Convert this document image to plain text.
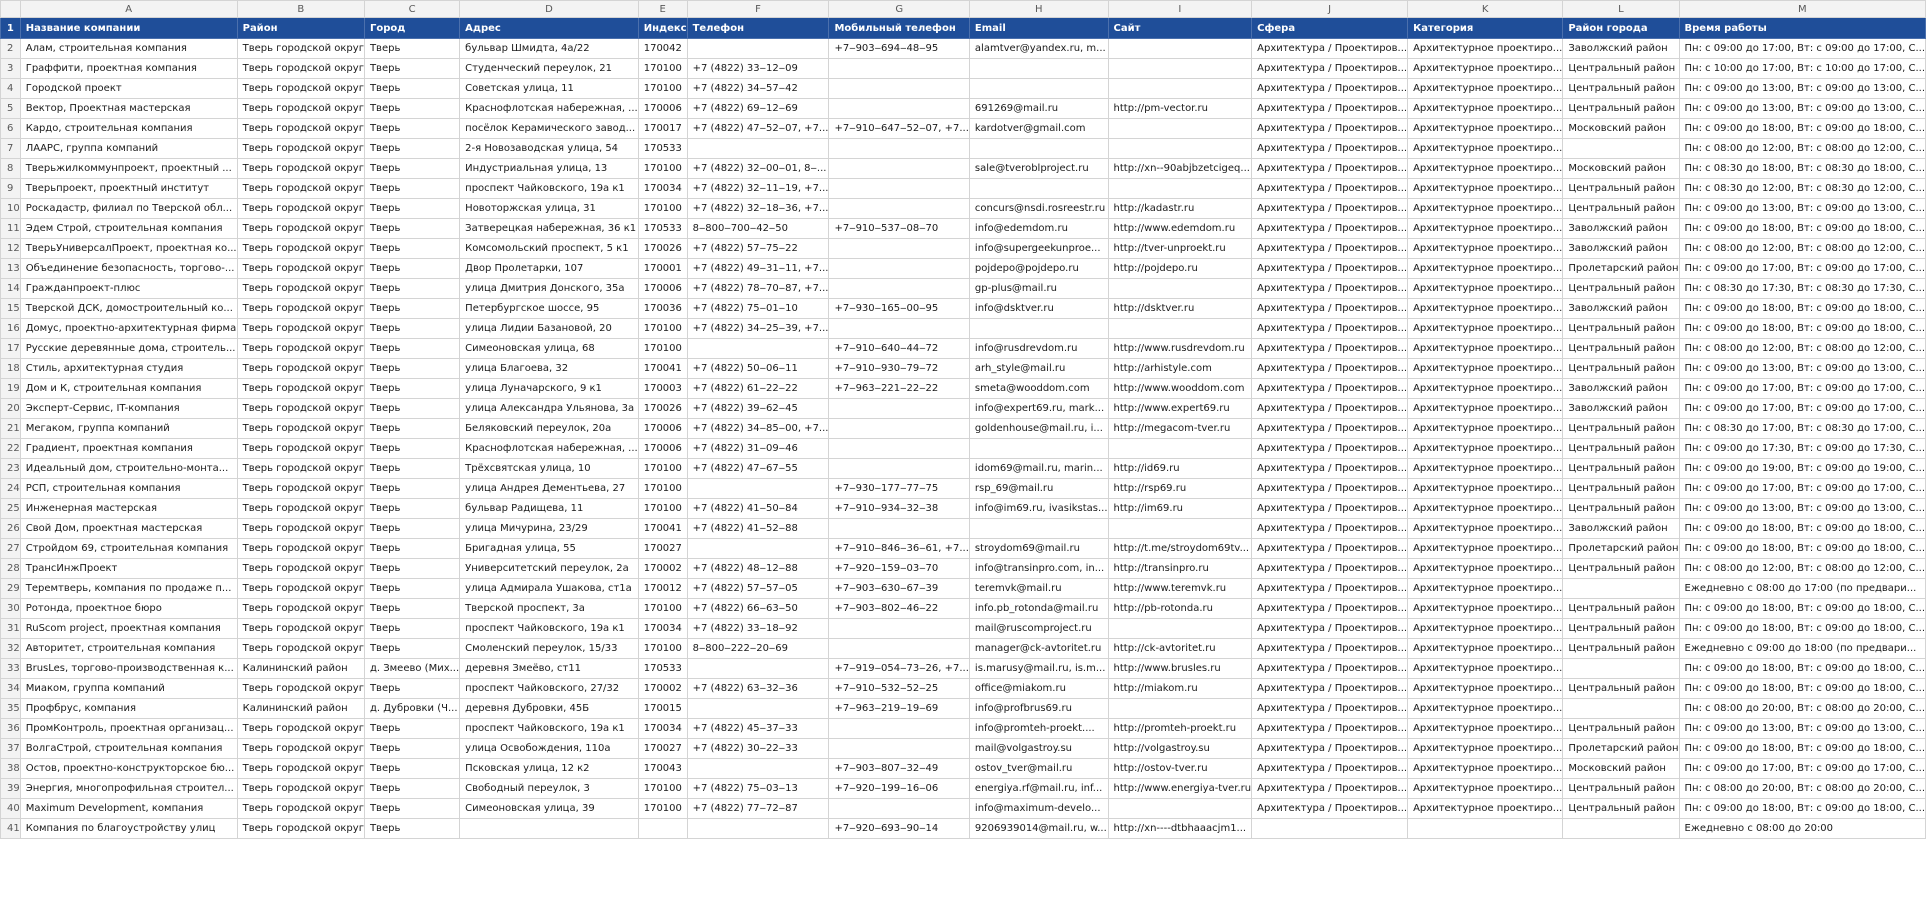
	A	B	C	D	E	F	G	H	I	J	K	L	M
1	Название компании	Район	Город	Адрес	Индекс	Телефон	Мобильный телефон	Email	Сайт	Сфера	Категория	Район города	Время работы
2	Алам, строительная компания	Тверь городской округ	Тверь	бульвар Шмидта, 4а/22	170042		+7‒903‒694‒48‒95	alamtver@yandex.ru, m...		Архитектура / Проектиров...	Архитектурное проектиро...	Заволжский район	Пн: с 09:00 до 17:00, Вт: с 09:00 до 17:00, С...
3	Граффити, проектная компания	Тверь городской округ	Тверь	Студенческий переулок, 21	170100	+7 (4822) 33‒12‒09				Архитектура / Проектиров...	Архитектурное проектиро...	Центральный район	Пн: с 10:00 до 17:00, Вт: с 10:00 до 17:00, С...
4	Городской проект	Тверь городской округ	Тверь	Советская улица, 11	170100	+7 (4822) 34‒57‒42				Архитектура / Проектиров...	Архитектурное проектиро...	Центральный район	Пн: с 09:00 до 13:00, Вт: с 09:00 до 13:00, С...
5	Вектор, Проектная мастерская	Тверь городской округ	Тверь	Краснофлотская набережная, ...	170006	+7 (4822) 69‒12‒69		691269@mail.ru	http://pm-vector.ru	Архитектура / Проектиров...	Архитектурное проектиро...	Центральный район	Пн: с 09:00 до 13:00, Вт: с 09:00 до 13:00, С...
6	Кардо, строительная компания	Тверь городской округ	Тверь	посёлок Керамического завод...	170017	+7 (4822) 47‒52‒07, +7...	+7‒910‒647‒52‒07, +7...	kardotver@gmail.com		Архитектура / Проектиров...	Архитектурное проектиро...	Московский район	Пн: с 09:00 до 18:00, Вт: с 09:00 до 18:00, С...
7	ЛААРС, группа компаний	Тверь городской округ	Тверь	2-я Новозаводская улица, 54	170533					Архитектура / Проектиров...	Архитектурное проектиро...		Пн: с 08:00 до 12:00, Вт: с 08:00 до 12:00, С...
8	Тверьжилкоммунпроект, проектный ...	Тверь городской округ	Тверь	Индустриальная улица, 13	170100	+7 (4822) 32‒00‒01, 8‒...		sale@tveroblproject.ru	http://xn--90abjbzetcigeq...	Архитектура / Проектиров...	Архитектурное проектиро...	Московский район	Пн: с 08:30 до 18:00, Вт: с 08:30 до 18:00, С...
9	Тверьпроект, проектный институт	Тверь городской округ	Тверь	проспект Чайковского, 19а к1	170034	+7 (4822) 32‒11‒19, +7...				Архитектура / Проектиров...	Архитектурное проектиро...	Центральный район	Пн: с 08:30 до 12:00, Вт: с 08:30 до 12:00, С...
10	Роскадастр, филиал по Тверской обл...	Тверь городской округ	Тверь	Новоторжская улица, 31	170100	+7 (4822) 32‒18‒36, +7...		concurs@nsdi.rosreestr.ru	http://kadastr.ru	Архитектура / Проектиров...	Архитектурное проектиро...	Центральный район	Пн: с 09:00 до 13:00, Вт: с 09:00 до 13:00, С...
11	Эдем Строй, строительная компания	Тверь городской округ	Тверь	Затверецкая набережная, 36 к1	170533	8‒800‒700‒42‒50	+7‒910‒537‒08‒70	info@edemdom.ru	http://www.edemdom.ru	Архитектура / Проектиров...	Архитектурное проектиро...	Заволжский район	Пн: с 09:00 до 18:00, Вт: с 09:00 до 18:00, С...
12	ТверьУниверсалПроект, проектная ко...	Тверь городской округ	Тверь	Комсомольский проспект, 5 к1	170026	+7 (4822) 57‒75‒22		info@supergeekunproe...	http://tver-unproekt.ru	Архитектура / Проектиров...	Архитектурное проектиро...	Заволжский район	Пн: с 08:00 до 12:00, Вт: с 08:00 до 12:00, С...
13	Объединение безопасность, торгово-...	Тверь городской округ	Тверь	Двор Пролетарки, 107	170001	+7 (4822) 49‒31‒11, +7...		pojdepo@pojdepo.ru	http://pojdepo.ru	Архитектура / Проектиров...	Архитектурное проектиро...	Пролетарский район	Пн: с 09:00 до 17:00, Вт: с 09:00 до 17:00, С...
14	Гражданпроект-плюс	Тверь городской округ	Тверь	улица Дмитрия Донского, 35а	170006	+7 (4822) 78‒70‒87, +7...		gp-plus@mail.ru		Архитектура / Проектиров...	Архитектурное проектиро...	Центральный район	Пн: с 08:30 до 17:30, Вт: с 08:30 до 17:30, С...
15	Тверской ДСК, домостроительный ко...	Тверь городской округ	Тверь	Петербургское шоссе, 95	170036	+7 (4822) 75‒01‒10	+7‒930‒165‒00‒95	info@dsktver.ru	http://dsktver.ru	Архитектура / Проектиров...	Архитектурное проектиро...	Заволжский район	Пн: с 09:00 до 18:00, Вт: с 09:00 до 18:00, С...
16	Домус, проектно-архитектурная фирма	Тверь городской округ	Тверь	улица Лидии Базановой, 20	170100	+7 (4822) 34‒25‒39, +7...				Архитектура / Проектиров...	Архитектурное проектиро...	Центральный район	Пн: с 09:00 до 18:00, Вт: с 09:00 до 18:00, С...
17	Русские деревянные дома, строитель...	Тверь городской округ	Тверь	Симеоновская улица, 68	170100		+7‒910‒640‒44‒72	info@rusdrevdom.ru	http://www.rusdrevdom.ru	Архитектура / Проектиров...	Архитектурное проектиро...	Центральный район	Пн: с 08:00 до 12:00, Вт: с 08:00 до 12:00, С...
18	Стиль, архитектурная студия	Тверь городской округ	Тверь	улица Благоева, 32	170041	+7 (4822) 50‒06‒11	+7‒910‒930‒79‒72	arh_style@mail.ru	http://arhistyle.com	Архитектура / Проектиров...	Архитектурное проектиро...	Центральный район	Пн: с 09:00 до 13:00, Вт: с 09:00 до 13:00, С...
19	Дом и К, строительная компания	Тверь городской округ	Тверь	улица Луначарского, 9 к1	170003	+7 (4822) 61‒22‒22	+7‒963‒221‒22‒22	smeta@wooddom.com	http://www.wooddom.com	Архитектура / Проектиров...	Архитектурное проектиро...	Заволжский район	Пн: с 09:00 до 17:00, Вт: с 09:00 до 17:00, С...
20	Эксперт-Сервис, IT-компания	Тверь городской округ	Тверь	улица Александра Ульянова, 3а	170026	+7 (4822) 39‒62‒45		info@expert69.ru, mark...	http://www.expert69.ru	Архитектура / Проектиров...	Архитектурное проектиро...	Заволжский район	Пн: с 09:00 до 17:00, Вт: с 09:00 до 17:00, С...
21	Мегаком, группа компаний	Тверь городской округ	Тверь	Беляковский переулок, 20а	170006	+7 (4822) 34‒85‒00, +7...		goldenhouse@mail.ru, i...	http://megacom-tver.ru	Архитектура / Проектиров...	Архитектурное проектиро...	Центральный район	Пн: с 08:30 до 17:00, Вт: с 08:30 до 17:00, С...
22	Градиент, проектная компания	Тверь городской округ	Тверь	Краснофлотская набережная, ...	170006	+7 (4822) 31‒09‒46				Архитектура / Проектиров...	Архитектурное проектиро...	Центральный район	Пн: с 09:00 до 17:30, Вт: с 09:00 до 17:30, С...
23	Идеальный дом, строительно-монта...	Тверь городской округ	Тверь	Трёхсвятская улица, 10	170100	+7 (4822) 47‒67‒55		idom69@mail.ru, marin...	http://id69.ru	Архитектура / Проектиров...	Архитектурное проектиро...	Центральный район	Пн: с 09:00 до 19:00, Вт: с 09:00 до 19:00, С...
24	РСП, строительная компания	Тверь городской округ	Тверь	улица Андрея Дементьева, 27	170100		+7‒930‒177‒77‒75	rsp_69@mail.ru	http://rsp69.ru	Архитектура / Проектиров...	Архитектурное проектиро...	Центральный район	Пн: с 09:00 до 17:00, Вт: с 09:00 до 17:00, С...
25	Инженерная мастерская	Тверь городской округ	Тверь	бульвар Радищева, 11	170100	+7 (4822) 41‒50‒84	+7‒910‒934‒32‒38	info@im69.ru, ivasikstas...	http://im69.ru	Архитектура / Проектиров...	Архитектурное проектиро...	Центральный район	Пн: с 09:00 до 13:00, Вт: с 09:00 до 13:00, С...
26	Свой Дом, проектная мастерская	Тверь городской округ	Тверь	улица Мичурина, 23/29	170041	+7 (4822) 41‒52‒88				Архитектура / Проектиров...	Архитектурное проектиро...	Заволжский район	Пн: с 09:00 до 18:00, Вт: с 09:00 до 18:00, С...
27	Стройдом 69, строительная компания	Тверь городской округ	Тверь	Бригадная улица, 55	170027		+7‒910‒846‒36‒61, +7...	stroydom69@mail.ru	http://t.me/stroydom69tv...	Архитектура / Проектиров...	Архитектурное проектиро...	Пролетарский район	Пн: с 09:00 до 18:00, Вт: с 09:00 до 18:00, С...
28	ТрансИнжПроект	Тверь городской округ	Тверь	Университетский переулок, 2а	170002	+7 (4822) 48‒12‒88	+7‒920‒159‒03‒70	info@transinpro.com, in...	http://transinpro.ru	Архитектура / Проектиров...	Архитектурное проектиро...	Центральный район	Пн: с 08:00 до 12:00, Вт: с 08:00 до 12:00, С...
29	Теремтверь, компания по продаже п...	Тверь городской округ	Тверь	улица Адмирала Ушакова, ст1а	170012	+7 (4822) 57‒57‒05	+7‒903‒630‒67‒39	teremvk@mail.ru	http://www.teremvk.ru	Архитектура / Проектиров...	Архитектурное проектиро...		Ежедневно с 08:00 до 17:00 (по предвари...
30	Ротонда, проектное бюро	Тверь городской округ	Тверь	Тверской проспект, 3а	170100	+7 (4822) 66‒63‒50	+7‒903‒802‒46‒22	info.pb_rotonda@mail.ru	http://pb-rotonda.ru	Архитектура / Проектиров...	Архитектурное проектиро...	Центральный район	Пн: с 09:00 до 18:00, Вт: с 09:00 до 18:00, С...
31	RuScom project, проектная компания	Тверь городской округ	Тверь	проспект Чайковского, 19а к1	170034	+7 (4822) 33‒18‒92		mail@ruscomproject.ru		Архитектура / Проектиров...	Архитектурное проектиро...	Центральный район	Пн: с 09:00 до 18:00, Вт: с 09:00 до 18:00, С...
32	Авторитет, строительная компания	Тверь городской округ	Тверь	Смоленский переулок, 15/33	170100	8‒800‒222‒20‒69		manager@ck-avtoritet.ru	http://ck-avtoritet.ru	Архитектура / Проектиров...	Архитектурное проектиро...	Центральный район	Ежедневно с 09:00 до 18:00 (по предвари...
33	BrusLes, торгово-производственная к...	Калининский район	д. Змеево (Мих...	деревня Змеёво, ст11	170533		+7‒919‒054‒73‒26, +7...	is.marusy@mail.ru, is.m...	http://www.brusles.ru	Архитектура / Проектиров...	Архитектурное проектиро...		Пн: с 09:00 до 18:00, Вт: с 09:00 до 18:00, С...
34	Миаком, группа компаний	Тверь городской округ	Тверь	проспект Чайковского, 27/32	170002	+7 (4822) 63‒32‒36	+7‒910‒532‒52‒25	office@miakom.ru	http://miakom.ru	Архитектура / Проектиров...	Архитектурное проектиро...	Центральный район	Пн: с 09:00 до 18:00, Вт: с 09:00 до 18:00, С...
35	Профбрус, компания	Калининский район	д. Дубровки (Ч...	деревня Дубровки, 45Б	170015		+7‒963‒219‒19‒69	info@profbrus69.ru		Архитектура / Проектиров...	Архитектурное проектиро...		Пн: с 08:00 до 20:00, Вт: с 08:00 до 20:00, С...
36	ПромКонтроль, проектная организац...	Тверь городской округ	Тверь	проспект Чайковского, 19а к1	170034	+7 (4822) 45‒37‒33		info@promteh-proekt....	http://promteh-proekt.ru	Архитектура / Проектиров...	Архитектурное проектиро...	Центральный район	Пн: с 09:00 до 13:00, Вт: с 09:00 до 13:00, С...
37	ВолгаСтрой, строительная компания	Тверь городской округ	Тверь	улица Освобождения, 110а	170027	+7 (4822) 30‒22‒33		mail@volgastroy.su	http://volgastroy.su	Архитектура / Проектиров...	Архитектурное проектиро...	Пролетарский район	Пн: с 09:00 до 18:00, Вт: с 09:00 до 18:00, С...
38	Остов, проектно-конструкторское бю...	Тверь городской округ	Тверь	Псковская улица, 12 к2	170043		+7‒903‒807‒32‒49	ostov_tver@mail.ru	http://ostov-tver.ru	Архитектура / Проектиров...	Архитектурное проектиро...	Московский район	Пн: с 09:00 до 17:00, Вт: с 09:00 до 17:00, С...
39	Энергия, многопрофильная строител...	Тверь городской округ	Тверь	Свободный переулок, 3	170100	+7 (4822) 75‒03‒13	+7‒920‒199‒16‒06	energiya.rf@mail.ru, inf...	http://www.energiya-tver.ru	Архитектура / Проектиров...	Архитектурное проектиро...	Центральный район	Пн: с 08:00 до 20:00, Вт: с 08:00 до 20:00, С...
40	Maximum Development, компания	Тверь городской округ	Тверь	Симеоновская улица, 39	170100	+7 (4822) 77‒72‒87		info@maximum-develo...		Архитектура / Проектиров...	Архитектурное проектиро...	Центральный район	Пн: с 09:00 до 18:00, Вт: с 09:00 до 18:00, С...
41	Компания по благоустройству улиц	Тверь городской округ	Тверь				+7‒920‒693‒90‒14	9206939014@mail.ru, w...	http://xn----dtbhaaacjm1...				Ежедневно с 08:00 до 20:00
